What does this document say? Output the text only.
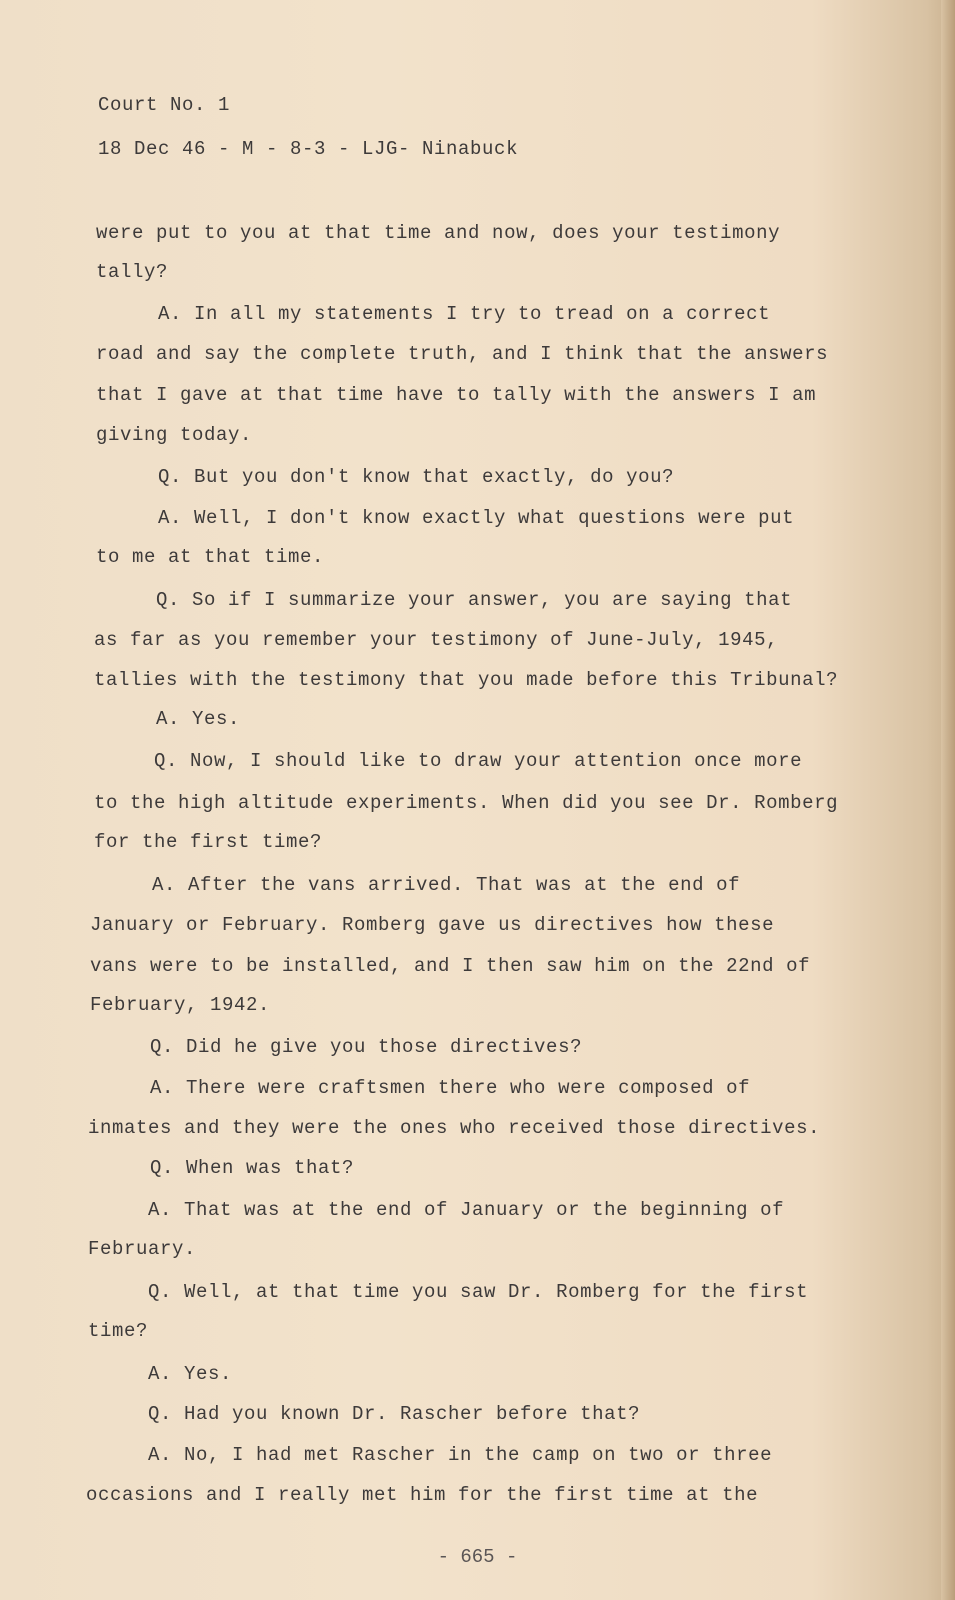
Court No. 1
18 Dec 46 - M - 8-3 - LJG- Ninabuck
were put to you at that time and now, does your testimony
tally?
A. In all my statements I try to tread on a correct
road and say the complete truth, and I think that the answers
that I gave at that time have to tally with the answers I am
giving today.
Q. But you don't know that exactly, do you?
A. Well, I don't know exactly what questions were put
to me at that time.
Q. So if I summarize your answer, you are saying that
as far as you remember your testimony of June-July, 1945,
tallies with the testimony that you made before this Tribunal?
A. Yes.
Q. Now, I should like to draw your attention once more
to the high altitude experiments. When did you see Dr. Romberg
for the first time?
A. After the vans arrived. That was at the end of
January or February. Romberg gave us directives how these
vans were to be installed, and I then saw him on the 22nd of
February, 1942.
Q. Did he give you those directives?
A. There were craftsmen there who were composed of
inmates and they were the ones who received those directives.
Q. When was that?
A. That was at the end of January or the beginning of
February.
Q. Well, at that time you saw Dr. Romberg for the first
time?
A. Yes.
Q. Had you known Dr. Rascher before that?
A. No, I had met Rascher in the camp on two or three
occasions and I really met him for the first time at the
- 665 -
